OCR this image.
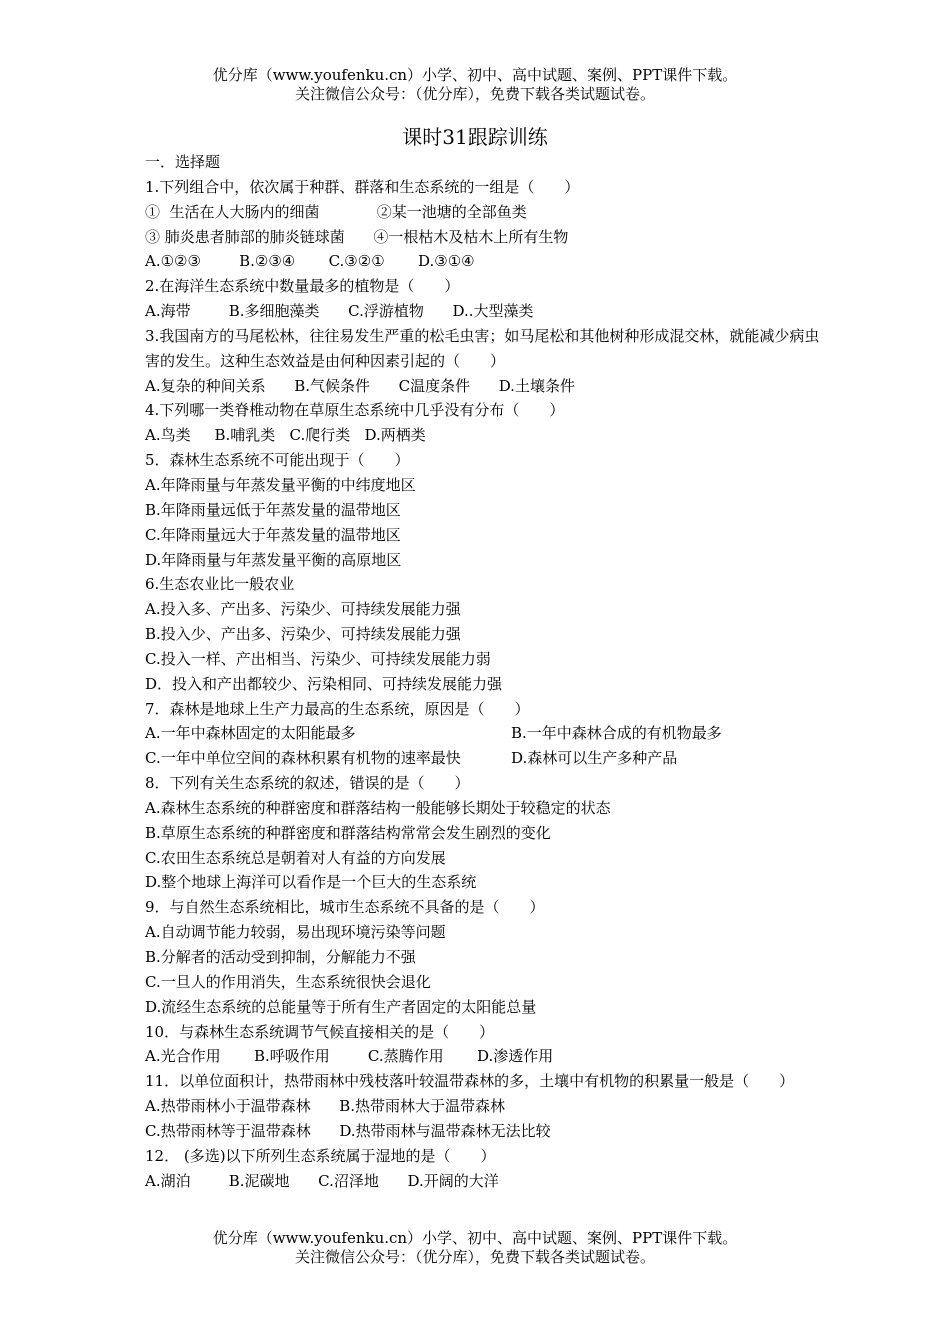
优分库（www.youfenku.cn）小学、初中、高中试题、案例、PPT课件下载。
关注微信公众号：（优分库），免费下载各类试题试卷。
课时31跟踪训练
一．选择题
1.下列组合中，依次属于种群、群落和生态系统的一组是（　　）
①  生活在人大肠内的细菌            ②某一池塘的全部鱼类
③ 肺炎患者肺部的肺炎链球菌      ④一根枯木及枯木上所有生物
A.①②③        B.②③④       C.③②①       D.③①④
2.在海洋生态系统中数量最多的植物是（　　）
A.海带        B.多细胞藻类      C.浮游植物      D..大型藻类
3.我国南方的马尾松林，往往易发生严重的松毛虫害；如马尾松和其他树种形成混交林，就能减少病虫害的发生。这种生态效益是由何种因素引起的（　　）
A.复杂的种间关系      B.气候条件      C温度条件      D.土壤条件
4.下列哪一类脊椎动物在草原生态系统中几乎没有分布（　　）
A.鸟类     B.哺乳类   C.爬行类   D.两栖类
5．森林生态系统不可能出现于（　　）
A.年降雨量与年蒸发量平衡的中纬度地区
B.年降雨量远低于年蒸发量的温带地区
C.年降雨量远大于年蒸发量的温带地区
D.年降雨量与年蒸发量平衡的高原地区
6.生态农业比一般农业
A.投入多、产出多、污染少、可持续发展能力强
B.投入少、产出多、污染少、可持续发展能力强
C.投入一样、产出相当、污染少、可持续发展能力弱
D．投入和产出都较少、污染相同、可持续发展能力强
7．森林是地球上生产力最高的生态系统，原因是（　　）
A.一年中森林固定的太阳能最多	B.一年中森林合成的有机物最多
C.一年中单位空间的森林积累有机物的速率最快	D.森林可以生产多种产品
8．下列有关生态系统的叙述，错误的是（　　）
A.森林生态系统的种群密度和群落结构一般能够长期处于较稳定的状态
B.草原生态系统的种群密度和群落结构常常会发生剧烈的变化
C.农田生态系统总是朝着对人有益的方向发展
D.整个地球上海洋可以看作是一个巨大的生态系统
9．与自然生态系统相比，城市生态系统不具备的是（　　）
A.自动调节能力较弱，易出现环境污染等问题
B.分解者的活动受到抑制，分解能力不强
C.一旦人的作用消失，生态系统很快会退化
D.流经生态系统的总能量等于所有生产者固定的太阳能总量
10．与森林生态系统调节气候直接相关的是（　　）
A.光合作用       B.呼吸作用        C.蒸腾作用       D.渗透作用
11．以单位面积计，热带雨林中残枝落叶较温带森林的多，土壤中有机物的积累量一般是（　　）
A.热带雨林小于温带森林      B.热带雨林大于温带森林
C.热带雨林等于温带森林      D.热带雨林与温带森林无法比较
12． (多选)以下所列生态系统属于湿地的是（　　）
A.湖泊        B.泥碳地      C.沼泽地      D.开阔的大洋
优分库（www.youfenku.cn）小学、初中、高中试题、案例、PPT课件下载。
关注微信公众号：（优分库），免费下载各类试题试卷。
